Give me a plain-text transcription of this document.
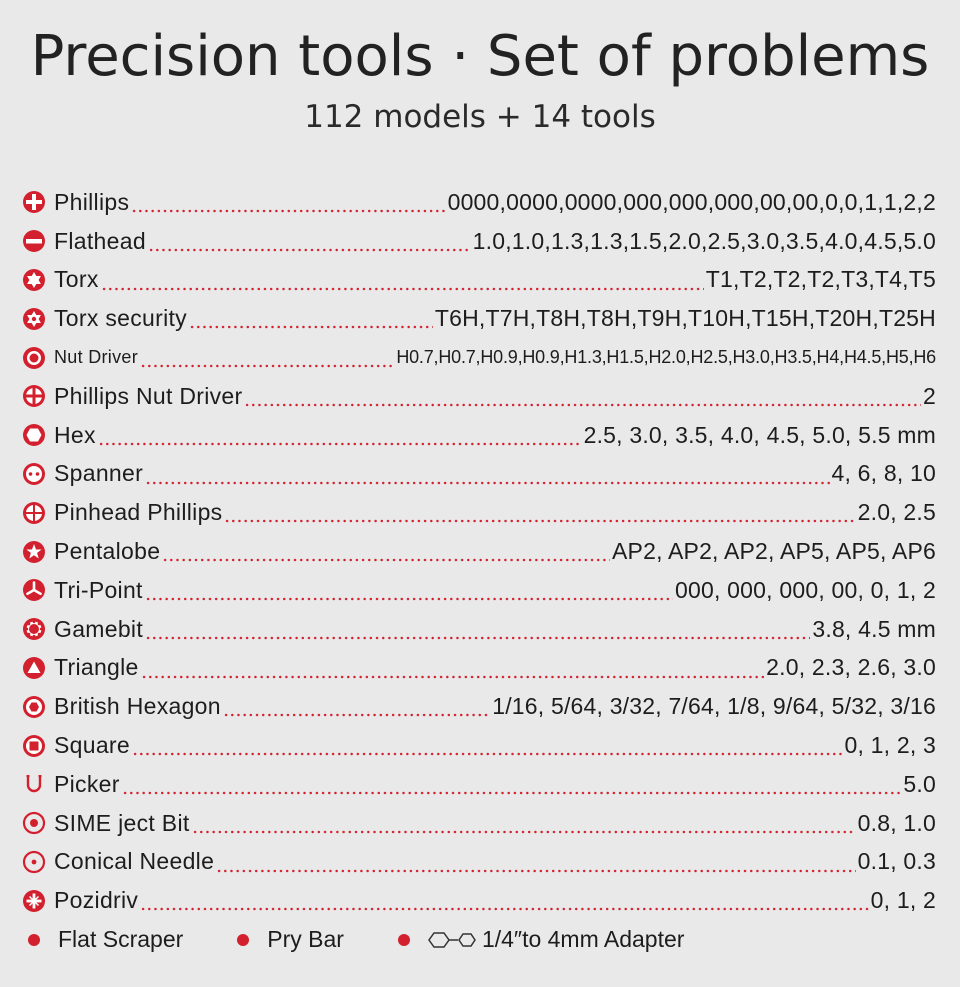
Precision tools · Set of problems
112 models + 14 tools
Phillips	0000,0000,0000,000,000,000,00,00,0,0,1,1,2,2
Flathead	1.0,1.0,1.3,1.3,1.5,2.0,2.5,3.0,3.5,4.0,4.5,5.0
Torx	T1,T2,T2,T2,T3,T4,T5
Torx security	T6H,T7H,T8H,T8H,T9H,T10H,T15H,T20H,T25H
Nut Driver	H0.7,H0.7,H0.9,H0.9,H1.3,H1.5,H2.0,H2.5,H3.0,H3.5,H4,H4.5,H5,H6
Phillips Nut Driver	2
Hex	2.5, 3.0, 3.5, 4.0, 4.5, 5.0, 5.5 mm
Spanner	4, 6, 8, 10
Pinhead Phillips	2.0, 2.5
Pentalobe	AP2, AP2, AP2, AP5, AP5, AP6
Tri-Point	000, 000, 000, 00, 0, 1, 2
Gamebit	3.8, 4.5 mm
Triangle	2.0, 2.3, 2.6, 3.0
British Hexagon	1/16, 5/64, 3/32, 7/64, 1/8, 9/64, 5/32, 3/16
Square	0, 1, 2, 3
Picker	5.0
SIME ject Bit	0.8, 1.0
Conical Needle	0.1, 0.3
Pozidriv	0, 1, 2
Flat Scraper	Pry Bar	1/4″to 4mm Adapter
